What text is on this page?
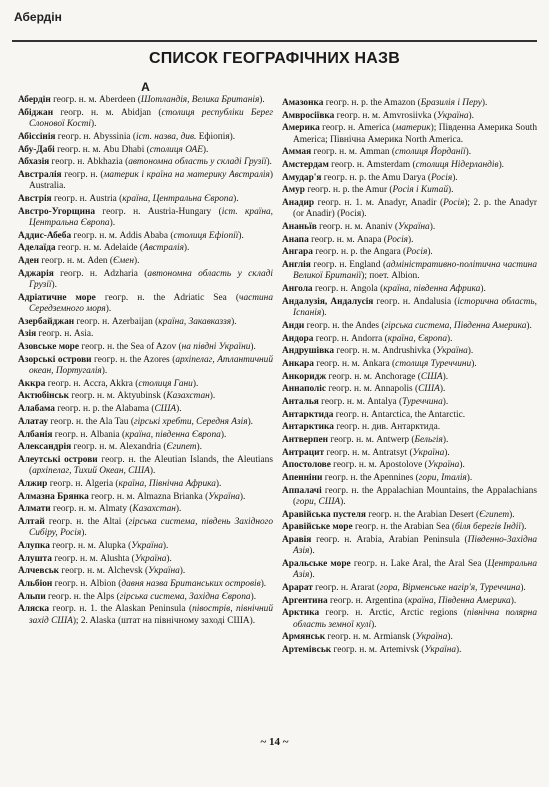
Абердін
СПИСОК ГЕОГРАФІЧНИХ НАЗВ
А
Абердін геогр. н. м. Aberdeen (Шотландія, Велика Британія).
Абіджан геогр. н. м. Abidjan (столиця республіки Берег Слонової Кості).
Абіссінія геогр. н. Abyssinia (іст. назва, див. Ефіопія).
Абу-Дабі геогр. н. м. Abu Dhabi (столиця ОАЕ).
Абхазія геогр. н. Abkhazia (автономна область у складі Грузії).
Австралія геогр. н. (материк і країна на материку Австралія) Australia.
Австрія геогр. н. Austria (країна, Центральна Європа).
Австро-Угорщина геогр. н. Austria-Hungary (іст. країна, Центральна Європа).
Аддис-Абеба геогр. н. м. Addis Ababa (столиця Ефіопії).
Аделаїда геогр. н. м. Adelaide (Австралія).
Аден геогр. н. м. Aden (Ємен).
Аджарія геогр. н. Adzharia (автономна область у складі Грузії).
Адріатичне море геогр. н. the Adriatic Sea (частина Середземного моря).
Азербайджан геогр. н. Azerbaijan (країна, Закавказзя).
Азія геогр. н. Asia.
Азовське море геогр. н. the Sea of Azov (на півдні України).
Азорські острови геогр. н. the Azores (архіпелаг, Атлантичний океан, Португалія).
Аккра геогр. н. Accra, Akkra (столиця Гани).
Актюбінськ геогр. н. м. Aktyubinsk (Казахстан).
Алабама геогр. н. р. the Alabama (США).
Алатау геогр. н. the Ala Tau (гірські хребти, Середня Азія).
Албанія геогр. н. Albania (країна, південна Європа).
Александрія геогр. н. м. Alexandria (Єгипет).
Алеутські острови геогр. н. the Aleutian Islands, the Aleutians (архіпелаг, Тихий Океан, США).
Алжир геогр. н. Algeria (країна, Північна Африка).
Алмазна Брянка геогр. н. м. Almazna Brianka (Україна).
Алмати геогр. н. м. Almaty (Казахстан).
Алтай геогр. н. the Altai (гірська система, південь Західного Сибіру, Росія).
Алупка геогр. н. м. Alupka (Україна).
Алушта геогр. н. м. Alushta (Україна).
Алчевськ геогр. н. м. Alchevsk (Україна).
Альбіон геогр. н. Albion (давня назва Британських островів).
Альпи геогр. н. the Alps (гірська система, Західна Європа).
Аляска геогр. н. 1. the Alaskan Peninsula (півострів, північний захід США); 2. Alaska (штат на північному заході США).
Амазонка геогр. н. р. the Amazon (Бразилія і Перу).
Амвросіївка геогр. н. м. Amvrosiivka (Україна).
Америка геогр. н. America (материк); Південна Америка South America; Північна Америка North America.
Аммая геогр. н. м. Amman (столиця Йорданії).
Амстердам геогр. н. Amsterdam (столиця Нідерландів).
Амудар'я геогр. н. р. the Amu Darya (Росія).
Амур геогр. н. р. the Amur (Росія і Китай).
Анадир геогр. н. 1. м. Anadyr, Anadir (Росія); 2. р. the Anadyr (or Anadir) (Росія).
Ананьїв геогр. н. м. Ananiv (Україна).
Анапа геогр. н. м. Anapa (Росія).
Ангара геогр. н. р. the Angara (Росія).
Англія геогр. н. England (адміністративно-політична частина Великої Британії); поет. Albion.
Ангола геогр. н. Angola (країна, південна Африка).
Андалузія, Андалусія геогр. н. Andalusia (історична область, Іспанія).
Анди геогр. н. the Andes (гірська система, Південна Америка).
Андора геогр. н. Andorra (країна, Європа).
Андрушівка геогр. н. м. Andrushivka (Україна).
Анкара геогр. н. м. Ankara (столиця Туреччини).
Анкоридж геогр. н. м. Anchorage (США).
Аннаполіс геогр. н. м. Annapolis (США).
Анталья геогр. н. м. Antalya (Туреччина).
Антарктида геогр. н. Antarctica, the Antarctic.
Антарктика геогр. н. див. Антарктида.
Антверпен геогр. н. м. Antwerp (Бельгія).
Антрацит геогр. н. м. Antratsyt (Україна).
Апостолове геогр. н. м. Apostolove (Україна).
Апенніни геогр. н. the Apennines (гори, Італія).
Аппалачі геогр. н. the Appalachian Mountains, the Appalachians (гори, США).
Аравійська пустеля геогр. н. the Arabian Desert (Єгипет).
Аравійське море геогр. н. the Arabian Sea (біля берегів Індії).
Аравія геогр. н. Arabia, Arabian Peninsula (Південно-Західна Азія).
Аральське море геогр. н. Lake Aral, the Aral Sea (Центральна Азія).
Арарат геогр. н. Ararat (гора, Вірменське нагір'я, Туреччина).
Аргентина геогр. н. Argentina (країна, Південна Америка).
Арктика геогр. н. Arctic, Arctic regions (північна полярна область земної кулі).
Армянськ геогр. н. м. Armiansk (Україна).
Артемівськ геогр. н. м. Artemivsk (Україна).
~ 14 ~
